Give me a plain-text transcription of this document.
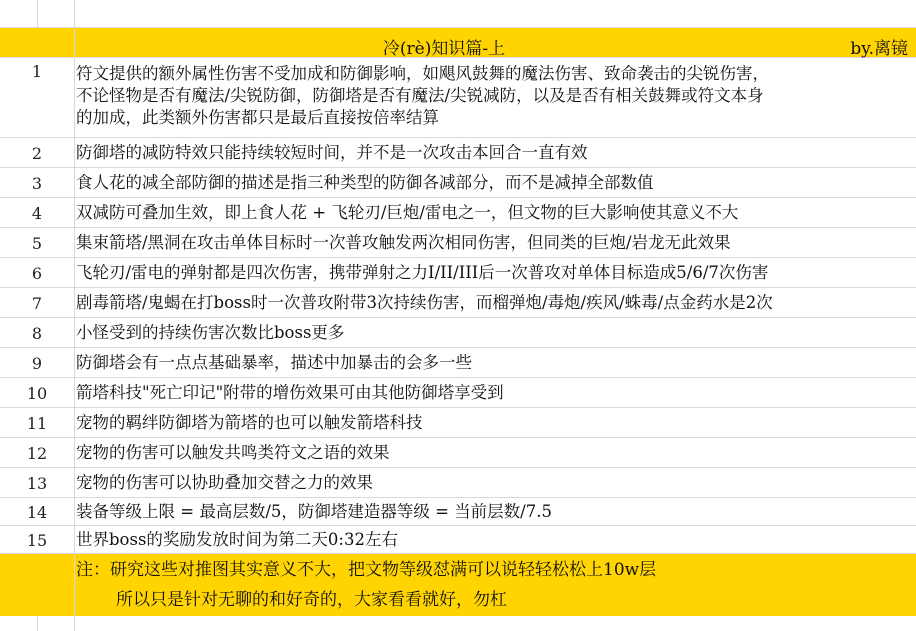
冷(rè)知识篇-上	by.离镜
1	符文提供的额外属性伤害不受加成和防御影响，如飓风鼓舞的魔法伤害、致命袭击的尖锐伤害，
不论怪物是否有魔法/尖锐防御，防御塔是否有魔法/尖锐减防，以及是否有相关鼓舞或符文本身
的加成，此类额外伤害都只是最后直接按倍率结算
2	防御塔的减防特效只能持续较短时间，并不是一次攻击本回合一直有效
3	食人花的减全部防御的描述是指三种类型的防御各减部分，而不是减掉全部数值
4	双减防可叠加生效，即上食人花 + 飞轮刃/巨炮/雷电之一，但文物的巨大影响使其意义不大
5	集束箭塔/黑洞在攻击单体目标时一次普攻触发两次相同伤害，但同类的巨炮/岩龙无此效果
6	飞轮刃/雷电的弹射都是四次伤害，携带弹射之力I/II/III后一次普攻对单体目标造成5/6/7次伤害
7	剧毒箭塔/鬼蝎在打boss时一次普攻附带3次持续伤害，而榴弹炮/毒炮/疾风/蛛毒/点金药水是2次
8	小怪受到的持续伤害次数比boss更多
9	防御塔会有一点点基础暴率，描述中加暴击的会多一些
10	箭塔科技"死亡印记"附带的增伤效果可由其他防御塔享受到
11	宠物的羁绊防御塔为箭塔的也可以触发箭塔科技
12	宠物的伤害可以触发共鸣类符文之语的效果
13	宠物的伤害可以协助叠加交替之力的效果
14	装备等级上限 = 最高层数/5，防御塔建造器等级 = 当前层数/7.5
15	世界boss的奖励发放时间为第二天0:32左右
注：研究这些对推图其实意义不大，把文物等级怼满可以说轻轻松松上10w层
所以只是针对无聊的和好奇的，大家看看就好，勿杠
